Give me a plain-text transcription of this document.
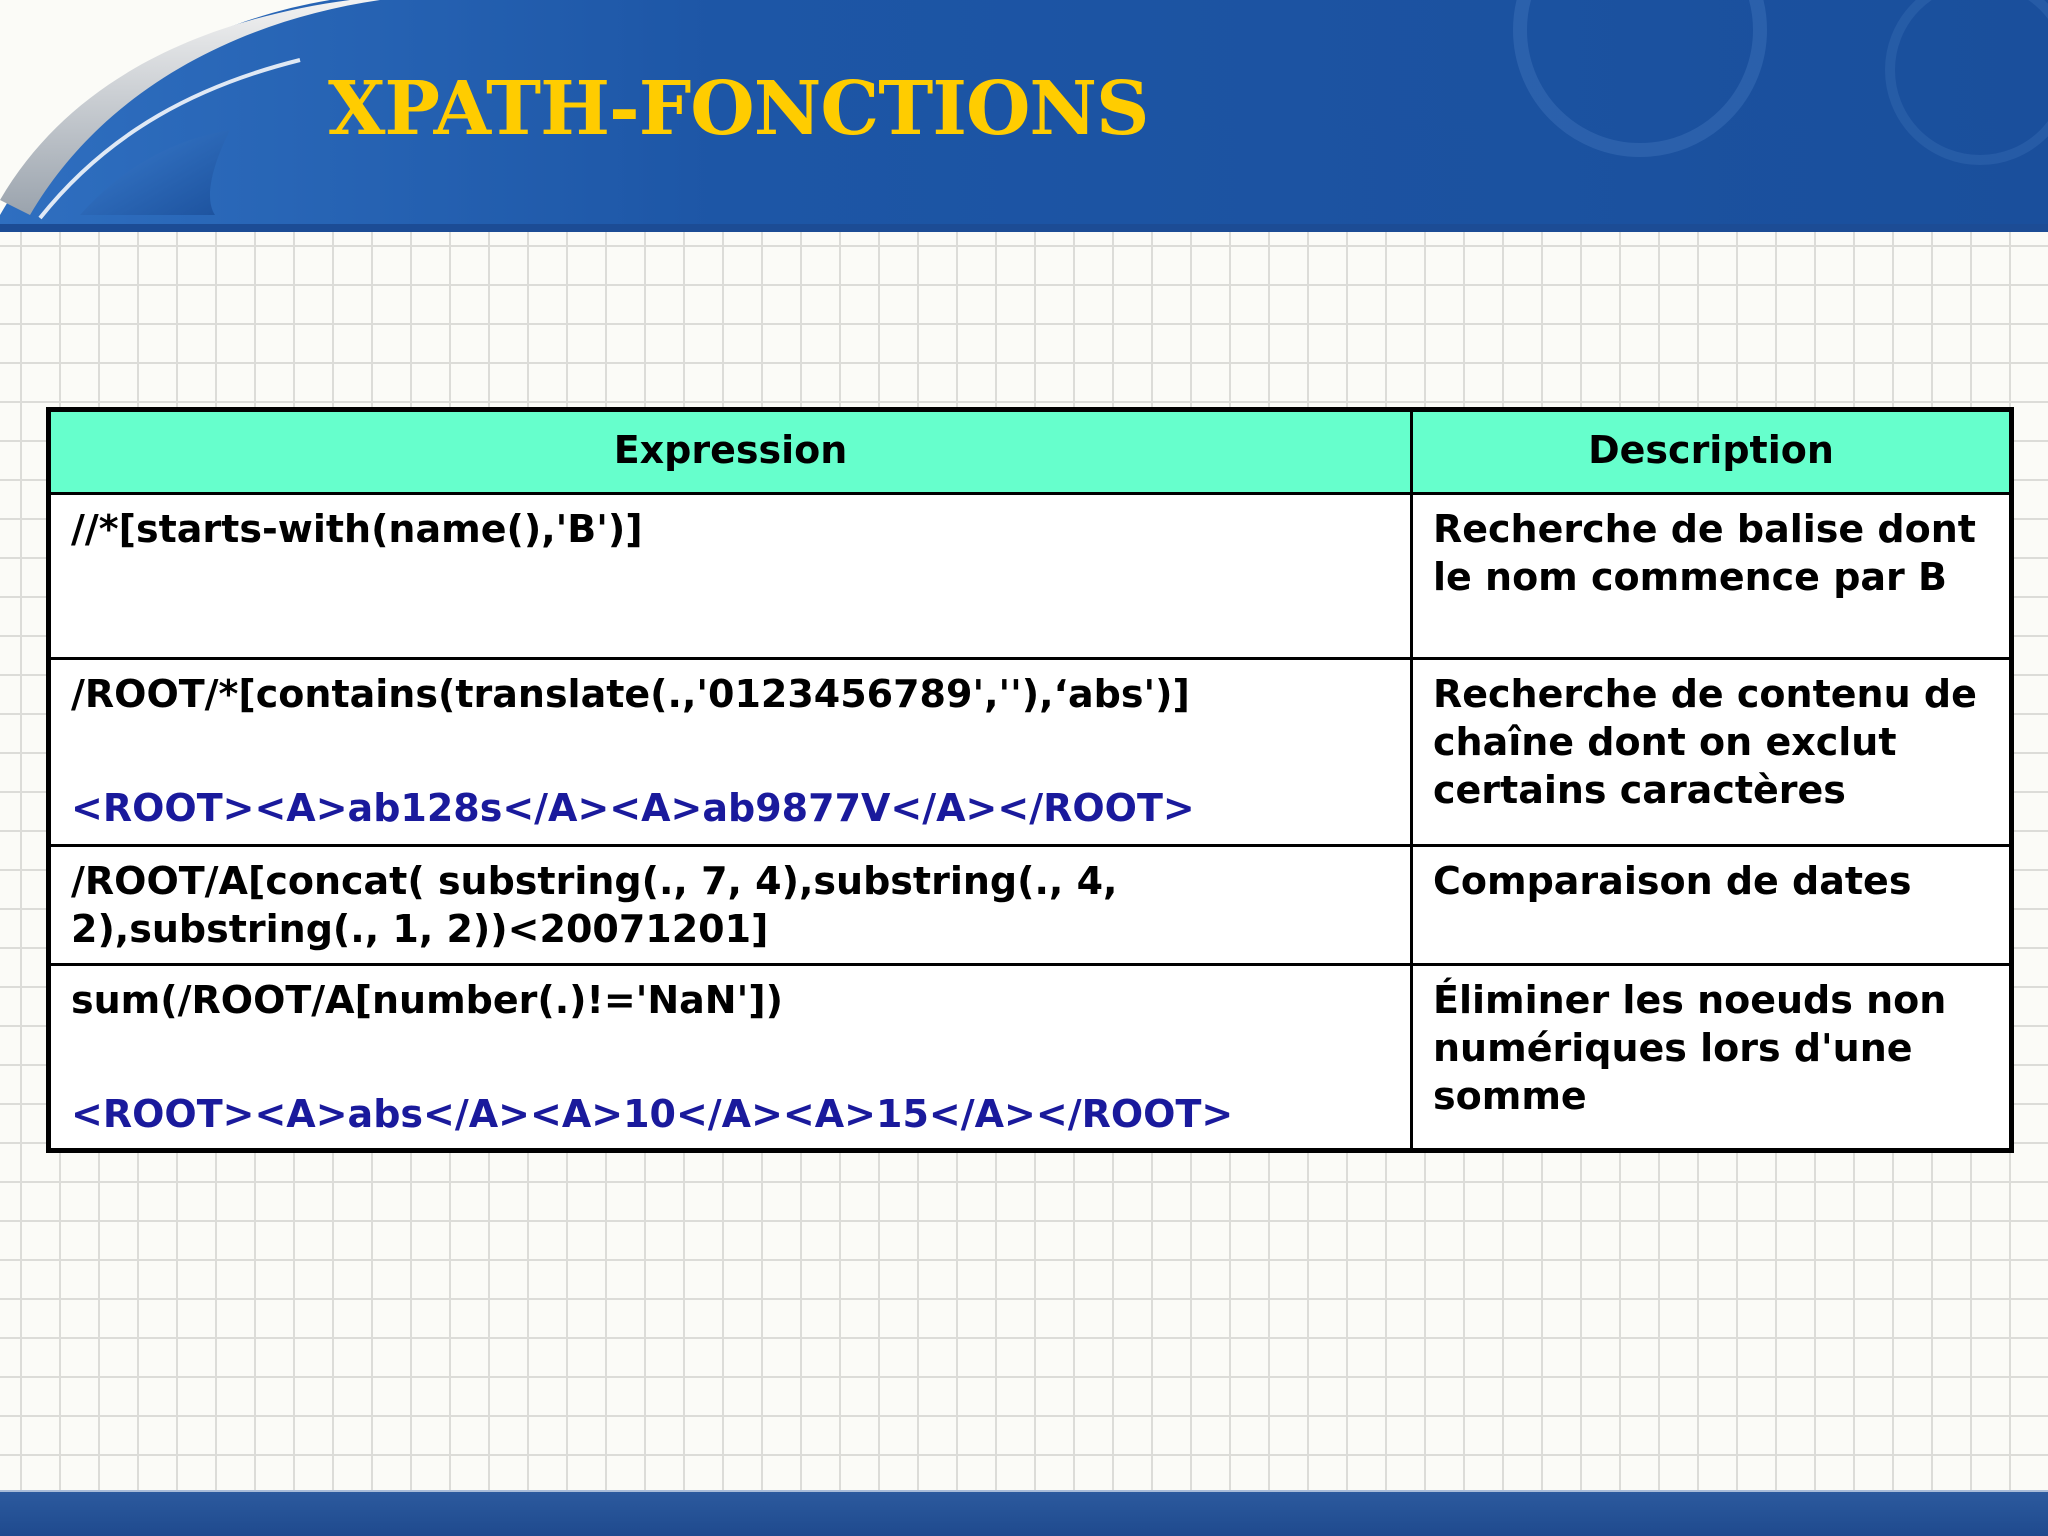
XPATH-FONCTIONS
Expression	Description

//*[starts-with(name(),'B')]	Recherche de balise dont le nom commence par B

/ROOT/*[contains(translate(.,'0123456789',''),‘abs')]
<ROOT><A>ab128s</A><A>ab9877V</A></ROOT>	Recherche de contenu de chaîne dont on exclut certains caractères

/ROOT/A[concat( substring(., 7, 4),substring(., 4, 2),substring(., 1, 2))<20071201]	Comparaison de dates

sum(/ROOT/A[number(.)!='NaN'])
<ROOT><A>abs</A><A>10</A><A>15</A></ROOT>	Éliminer les noeuds non numériques lors d'une somme
